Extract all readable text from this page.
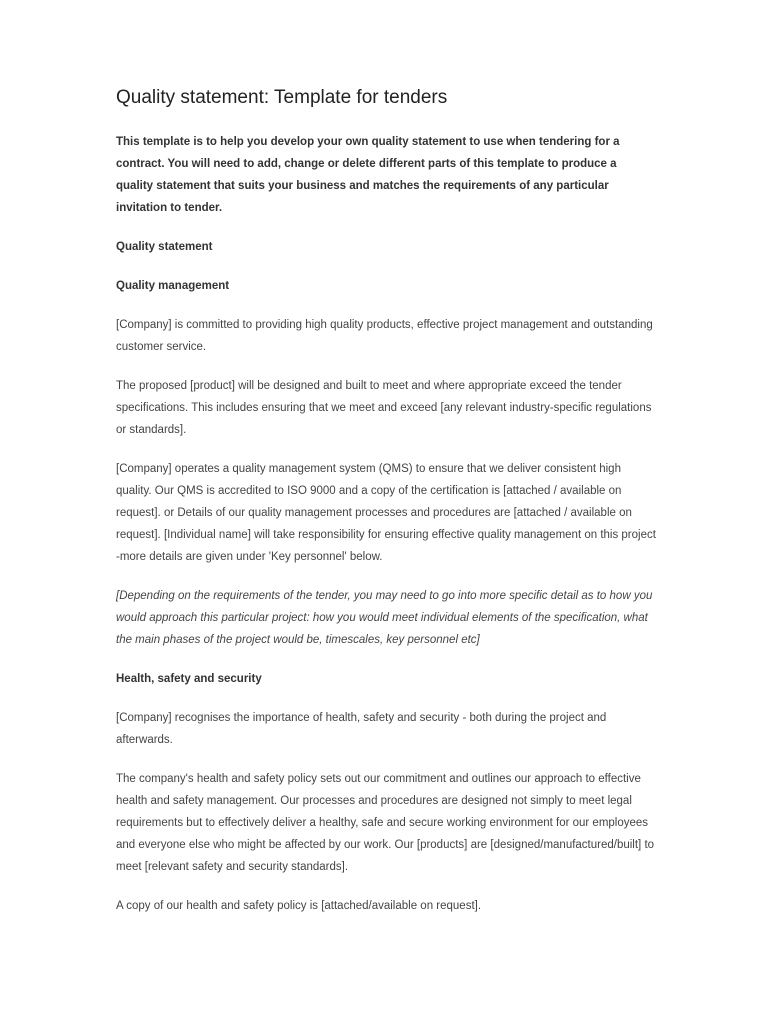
Quality statement: Template for tenders

This template is to help you develop your own quality statement to use when tendering for a contract. You will need to add, change or delete different parts of this template to produce a quality statement that suits your business and matches the requirements of any particular invitation to tender.

Quality statement

Quality management

[Company] is committed to providing high quality products, effective project management and outstanding customer service.

The proposed [product] will be designed and built to meet and where appropriate exceed the tender specifications. This includes ensuring that we meet and exceed [any relevant industry-specific regulations or standards].

[Company] operates a quality management system (QMS) to ensure that we deliver consistent high quality. Our QMS is accredited to ISO 9000 and a copy of the certification is [attached / available on request]. or Details of our quality management processes and procedures are [attached / available on request]. [Individual name] will take responsibility for ensuring effective quality management on this project -more details are given under 'Key personnel' below.

[Depending on the requirements of the tender, you may need to go into more specific detail as to how you would approach this particular project: how you would meet individual elements of the specification, what the main phases of the project would be, timescales, key personnel etc]

Health, safety and security

[Company] recognises the importance of health, safety and security - both during the project and afterwards.

The company's health and safety policy sets out our commitment and outlines our approach to effective health and safety management. Our processes and procedures are designed not simply to meet legal requirements but to effectively deliver a healthy, safe and secure working environment for our employees and everyone else who might be affected by our work. Our [products] are [designed/manufactured/built] to meet [relevant safety and security standards].

A copy of our health and safety policy is [attached/available on request].
